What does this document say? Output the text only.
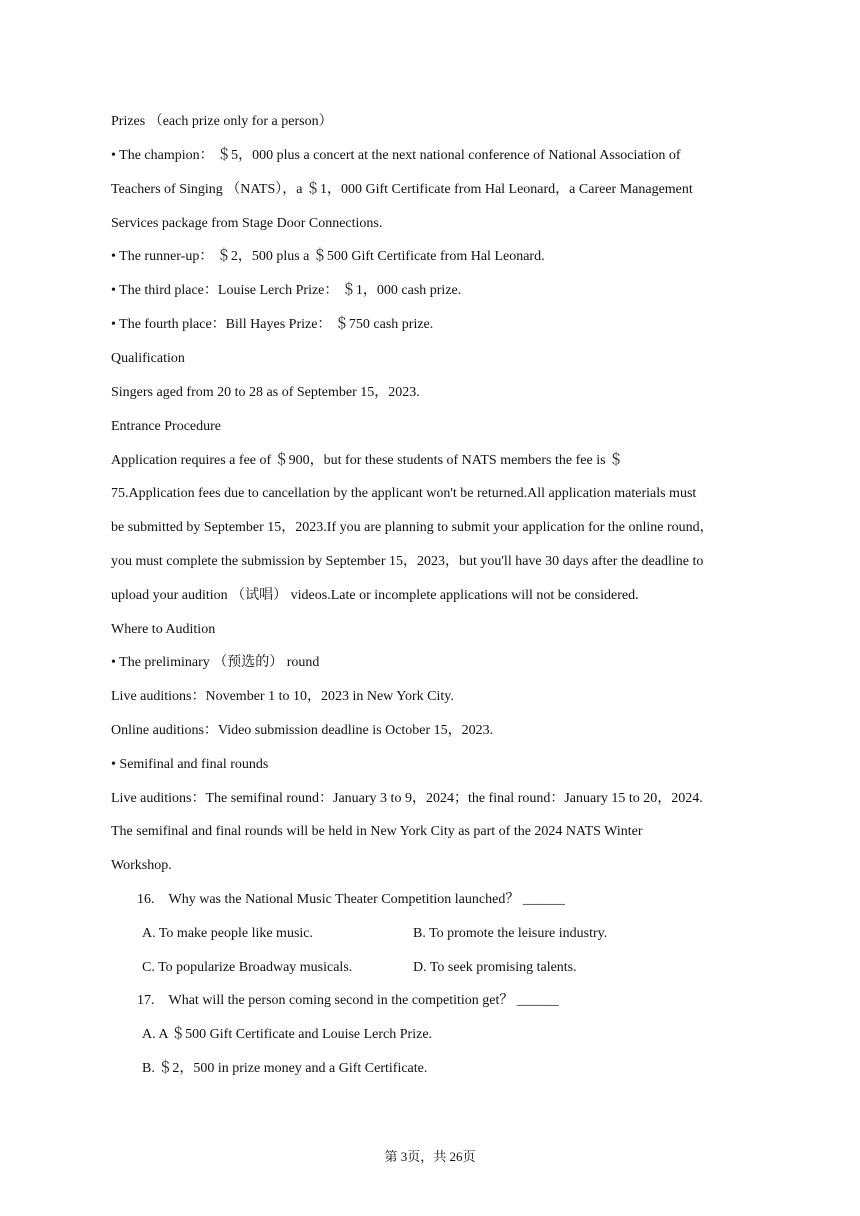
Prizes （each prize only for a person）
• The champion： ＄5，000 plus a concert at the next national conference of National Association of
Teachers of Singing （NATS），a ＄1，000 Gift Certificate from Hal Leonard，a Career Management
Services package from Stage Door Connections.
• The runner-up： ＄2，500 plus a ＄500 Gift Certificate from Hal Leonard.
• The third place：Louise Lerch Prize： ＄1，000 cash prize.
• The fourth place：Bill Hayes Prize： ＄750 cash prize.
Qualification
Singers aged from 20 to 28 as of September 15，2023.
Entrance Procedure
Application requires a fee of ＄900，but for these students of NATS members the fee is ＄
75.Application fees due to cancellation by the applicant won't be returned.All application materials must
be submitted by September 15，2023.If you are planning to submit your application for the online round，
you must complete the submission by September 15，2023，but you'll have 30 days after the deadline to
upload your audition （试唱） videos.Late or incomplete applications will not be considered.
Where to Audition
• The preliminary （预选的） round
Live auditions：November 1 to 10，2023 in New York City.
Online auditions：Video submission deadline is October 15，2023.
• Semifinal and final rounds
Live auditions：The semifinal round：January 3 to 9，2024；the final round：January 15 to 20，2024.
The semifinal and final rounds will be held in New York City as part of the 2024 NATS Winter
Workshop.
16.　Why was the National Music Theater Competition launched？ ______
A. To make people like music.	B. To promote the leisure industry.
C. To popularize Broadway musicals.	D. To seek promising talents.
17.　What will the person coming second in the competition get？ ______
A. A ＄500 Gift Certificate and Louise Lerch Prize.
B. ＄2，500 in prize money and a Gift Certificate.
第 3页，共 26页
